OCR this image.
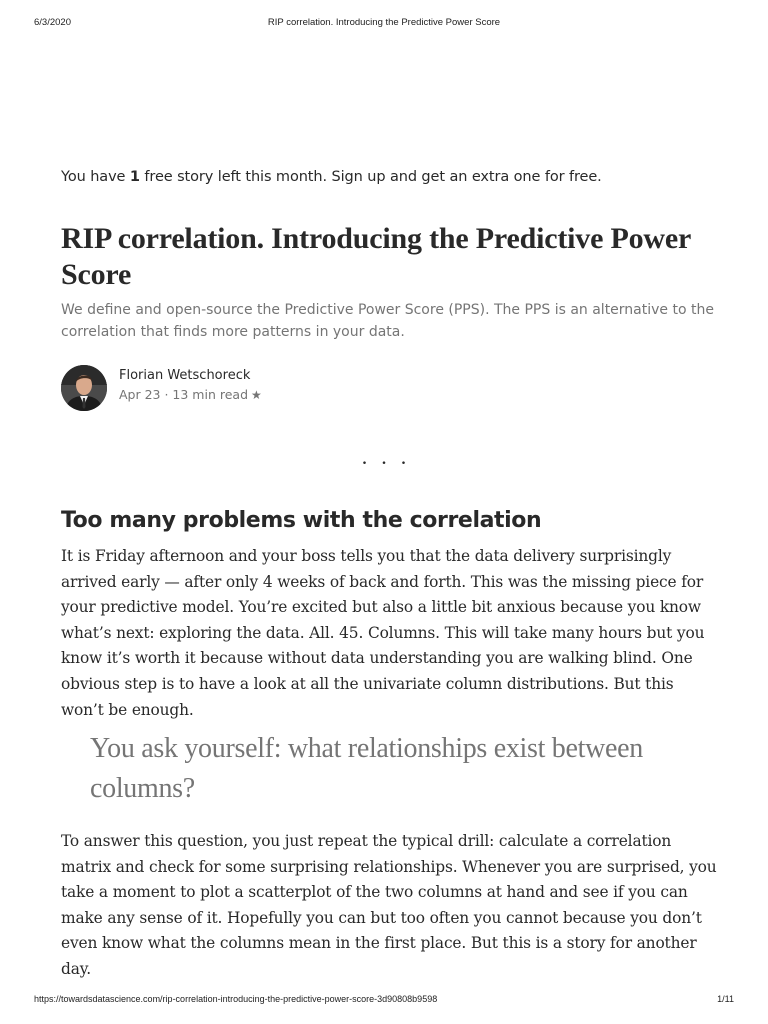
6/3/2020	RIP correlation. Introducing the Predictive Power Score
You have 1 free story left this month. Sign up and get an extra one for free.
RIP correlation. Introducing the Predictive Power Score

We define and open-source the Predictive Power Score (PPS). The PPS is an alternative to the correlation that finds more patterns in your data.

Florian Wetschoreck
Apr 23 · 13 min read ★
...
Too many problems with the correlation

It is Friday afternoon and your boss tells you that the data delivery surprisingly arrived early — after only 4 weeks of back and forth. This was the missing piece for your predictive model. You’re excited but also a little bit anxious because you know what’s next: exploring the data. All. 45. Columns. This will take many hours but you know it’s worth it because without data understanding you are walking blind. One obvious step is to have a look at all the univariate column distributions. But this won’t be enough.

You ask yourself: what relationships exist between columns?

To answer this question, you just repeat the typical drill: calculate a correlation matrix and check for some surprising relationships. Whenever you are surprised, you take a moment to plot a scatterplot of the two columns at hand and see if you can make any sense of it. Hopefully you can but too often you cannot because you don’t even know what the columns mean in the first place. But this is a story for another day.

https://towardsdatascience.com/rip-correlation-introducing-the-predictive-power-score-3d90808b9598	1/11
